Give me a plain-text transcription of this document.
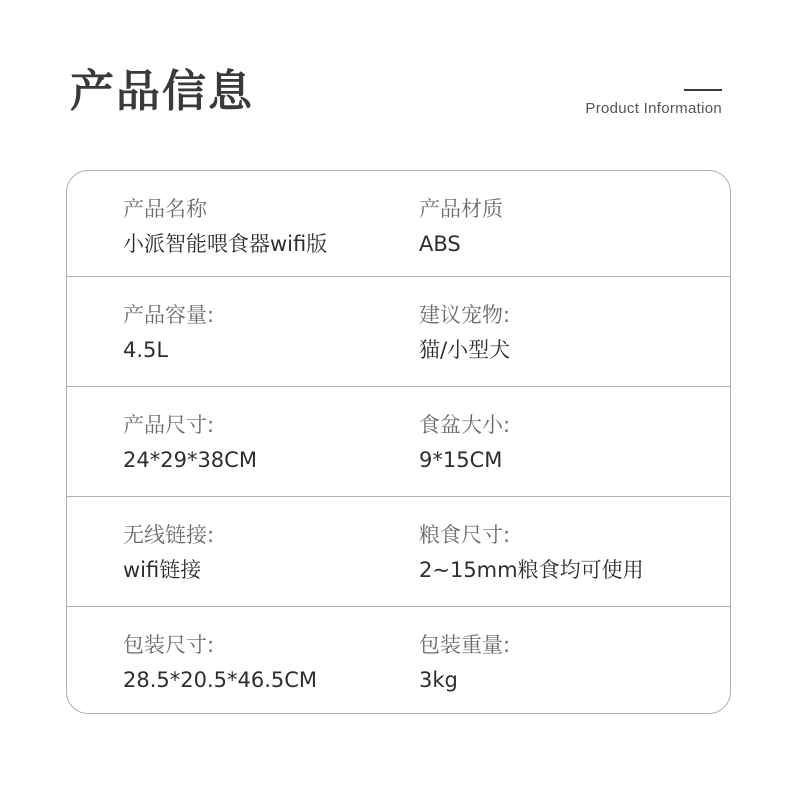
产品信息	Product Information
产品名称
小派智能喂食器wifi版
产品材质
ABS
产品容量:
4.5L
建议宠物:
猫/小型犬
产品尺寸:
24*29*38CM
食盆大小:
9*15CM
无线链接:
wifi链接
粮食尺寸:
2~15mm粮食均可使用
包装尺寸:
28.5*20.5*46.5CM
包装重量:
3kg
